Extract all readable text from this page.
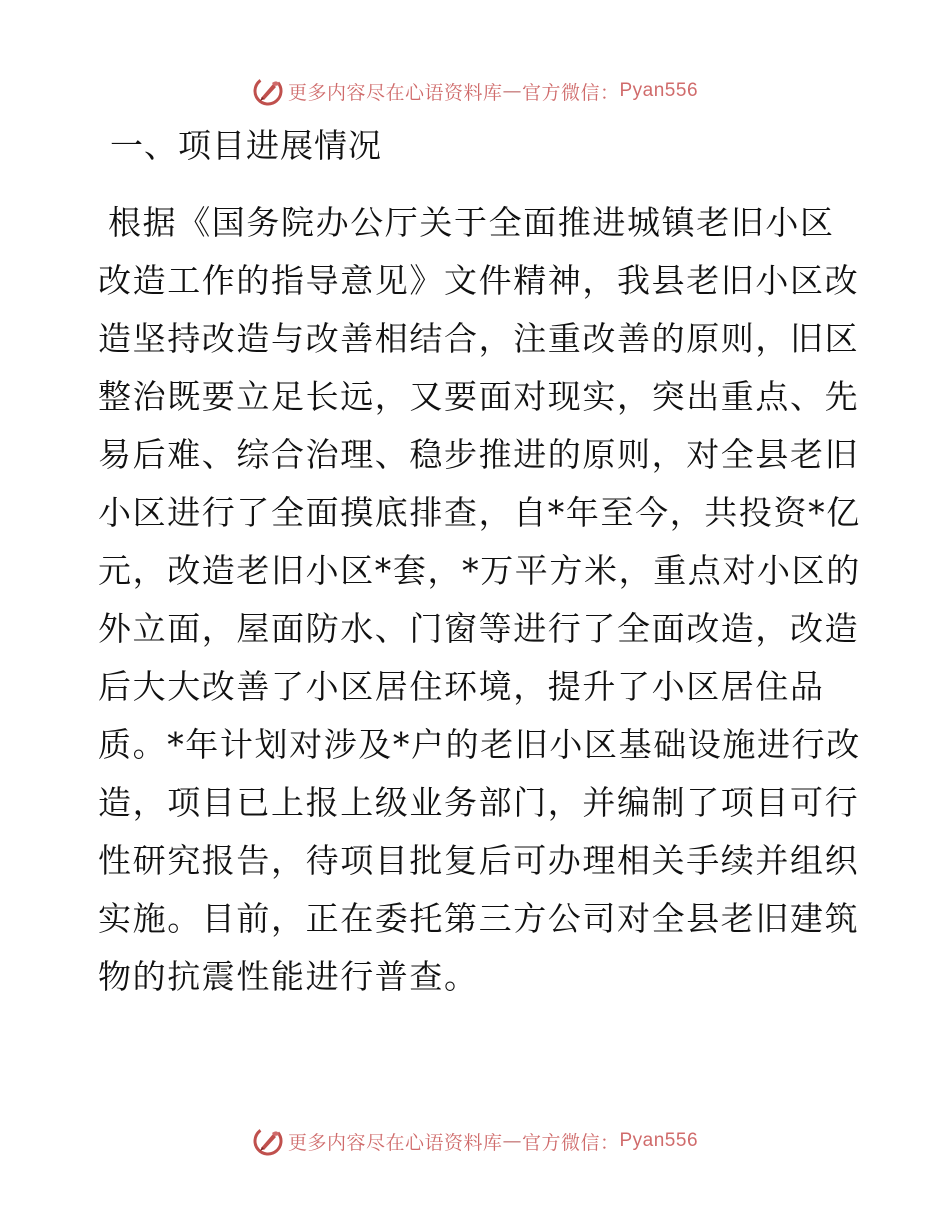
更多内容尽在心语资料库 — 官方微信： Pyan556
一、项目进展情况
根据《国务院办公厅关于全面推进城镇老旧小区
改造工作的指导意见》文件精神，我县老旧小区改
造坚持改造与改善相结合，注重改善的原则，旧区
整治既要立足长远，又要面对现实，突出重点、先
易后难、综合治理、稳步推进的原则，对全县老旧
小区进行了全面摸底排查，自*年至今，共投资*亿
元，改造老旧小区*套，*万平方米，重点对小区的
外立面，屋面防水、门窗等进行了全面改造，改造
后大大改善了小区居住环境，提升了小区居住品
质。*年计划对涉及*户的老旧小区基础设施进行改
造，项目已上报上级业务部门，并编制了项目可行
性研究报告，待项目批复后可办理相关手续并组织
实施。目前，正在委托第三方公司对全县老旧建筑
物的抗震性能进行普查。
更多内容尽在心语资料库 — 官方微信： Pyan556
